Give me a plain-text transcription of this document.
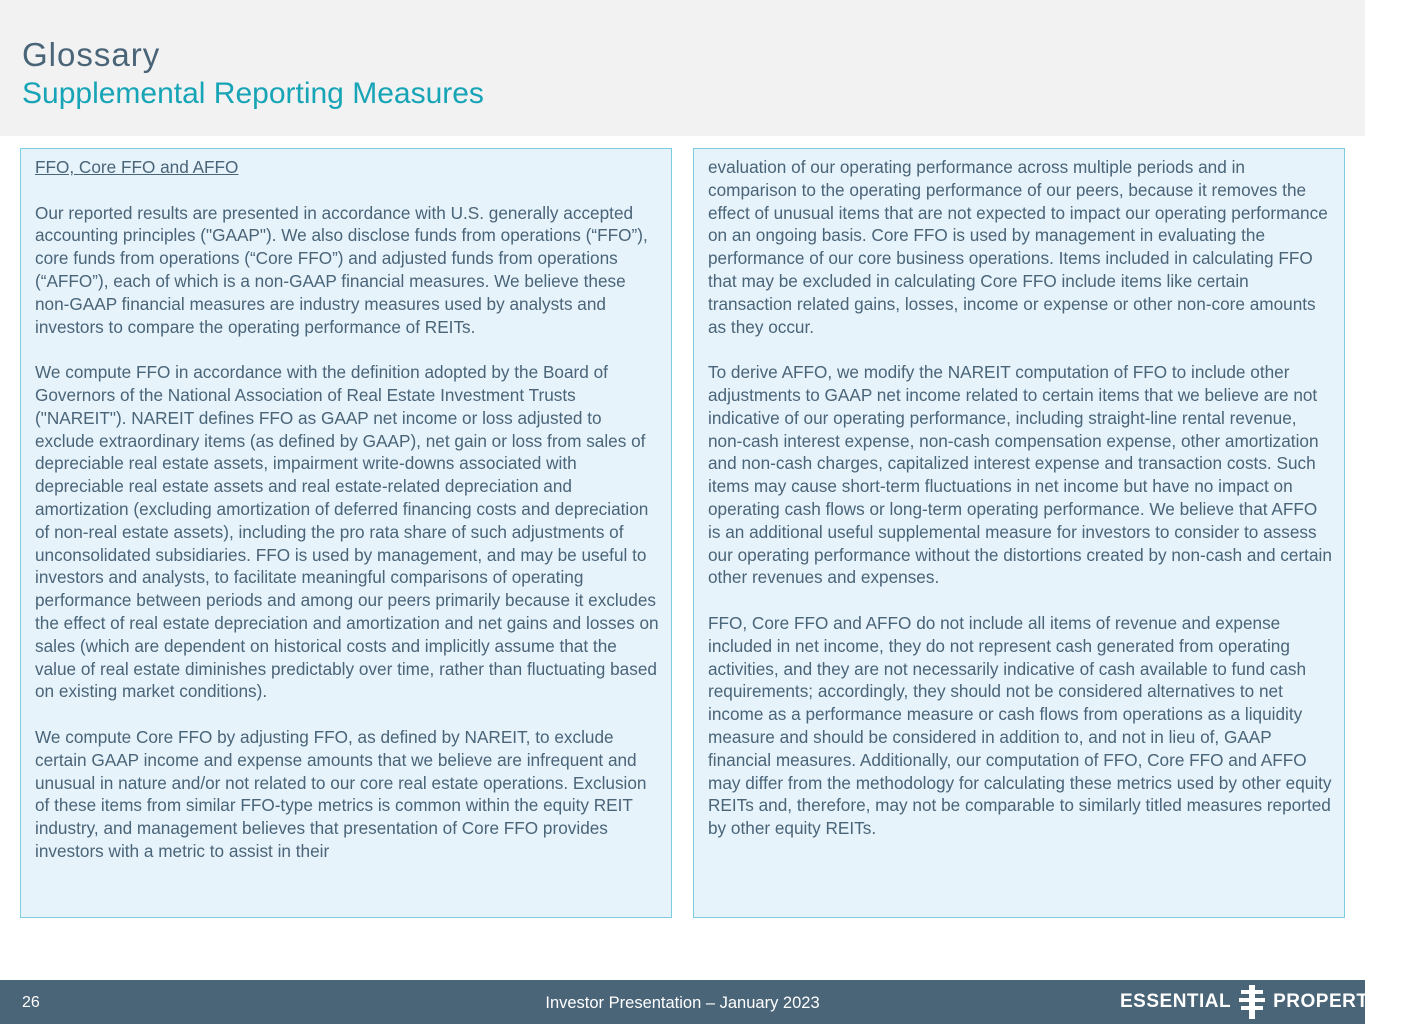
Glossary
Supplemental Reporting Measures

FFO, Core FFO and AFFO

Our reported results are presented in accordance with U.S. generally accepted accounting principles ("GAAP"). We also disclose funds from operations (“FFO”), core funds from operations (“Core FFO”) and adjusted funds from operations (“AFFO”), each of which is a non-GAAP financial measures. We believe these non-GAAP financial measures are industry measures used by analysts and investors to compare the operating performance of REITs.

We compute FFO in accordance with the definition adopted by the Board of Governors of the National Association of Real Estate Investment Trusts ("NAREIT"). NAREIT defines FFO as GAAP net income or loss adjusted to exclude extraordinary items (as defined by GAAP), net gain or loss from sales of depreciable real estate assets, impairment write-downs associated with depreciable real estate assets and real estate-related depreciation and amortization (excluding amortization of deferred financing costs and depreciation of non-real estate assets), including the pro rata share of such adjustments of unconsolidated subsidiaries. FFO is used by management, and may be useful to investors and analysts, to facilitate meaningful comparisons of operating performance between periods and among our peers primarily because it excludes the effect of real estate depreciation and amortization and net gains and losses on sales (which are dependent on historical costs and implicitly assume that the value of real estate diminishes predictably over time, rather than fluctuating based on existing market conditions).

We compute Core FFO by adjusting FFO, as defined by NAREIT, to exclude certain GAAP income and expense amounts that we believe are infrequent and unusual in nature and/or not related to our core real estate operations. Exclusion of these items from similar FFO-type metrics is common within the equity REIT industry, and management believes that presentation of Core FFO provides investors with a metric to assist in their

evaluation of our operating performance across multiple periods and in comparison to the operating performance of our peers, because it removes the effect of unusual items that are not expected to impact our operating performance on an ongoing basis. Core FFO is used by management in evaluating the performance of our core business operations. Items included in calculating FFO that may be excluded in calculating Core FFO include items like certain transaction related gains, losses, income or expense or other non-core amounts as they occur.

To derive AFFO, we modify the NAREIT computation of FFO to include other adjustments to GAAP net income related to certain items that we believe are not indicative of our operating performance, including straight-line rental revenue, non-cash interest expense, non-cash compensation expense, other amortization and non-cash charges, capitalized interest expense and transaction costs. Such items may cause short-term fluctuations in net income but have no impact on operating cash flows or long-term operating performance. We believe that AFFO is an additional useful supplemental measure for investors to consider to assess our operating performance without the distortions created by non-cash and certain other revenues and expenses.

FFO, Core FFO and AFFO do not include all items of revenue and expense included in net income, they do not represent cash generated from operating activities, and they are not necessarily indicative of cash available to fund cash requirements; accordingly, they should not be considered alternatives to net income as a performance measure or cash flows from operations as a liquidity measure and should be considered in addition to, and not in lieu of, GAAP financial measures. Additionally, our computation of FFO, Core FFO and AFFO may differ from the methodology for calculating these metrics used by other equity REITs and, therefore, may not be comparable to similarly titled measures reported by other equity REITs.

26	Investor Presentation – January 2023	ESSENTIAL PROPERTIES
